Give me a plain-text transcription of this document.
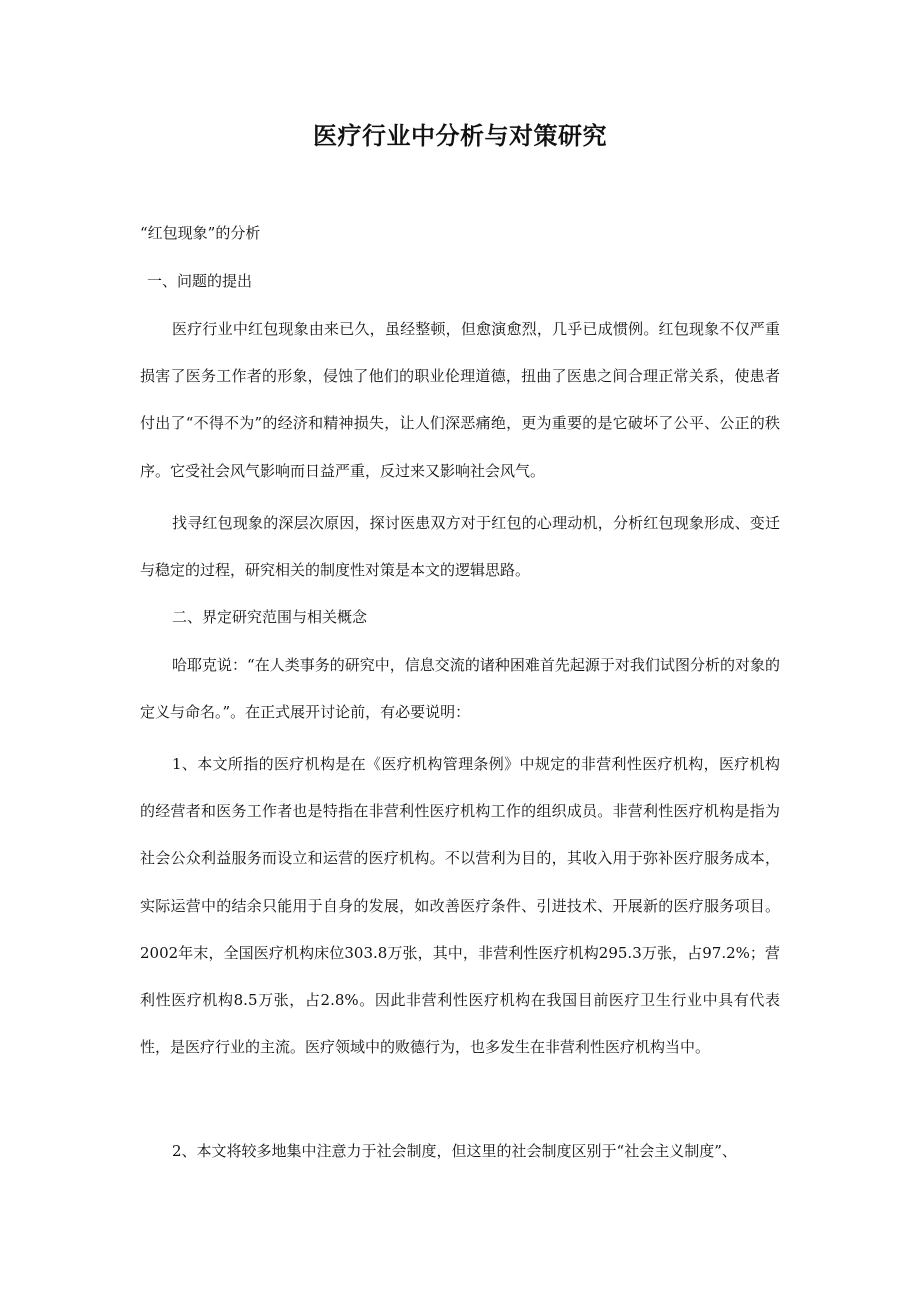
医疗行业中分析与对策研究
“红包现象”的分析
一、问题的提出

医疗行业中红包现象由来已久，虽经整顿，但愈演愈烈，几乎已成惯例。红包现象不仅严重损害了医务工作者的形象，侵蚀了他们的职业伦理道德，扭曲了医患之间合理正常关系，使患者付出了“不得不为”的经济和精神损失，让人们深恶痛绝，更为重要的是它破坏了公平、公正的秩序。它受社会风气影响而日益严重，反过来又影响社会风气。

找寻红包现象的深层次原因，探讨医患双方对于红包的心理动机，分析红包现象形成、变迁与稳定的过程，研究相关的制度性对策是本文的逻辑思路。

二、界定研究范围与相关概念

哈耶克说：“在人类事务的研究中，信息交流的诸种困难首先起源于对我们试图分析的对象的定义与命名。”。在正式展开讨论前，有必要说明：

1、本文所指的医疗机构是在《医疗机构管理条例》中规定的非营利性医疗机构，医疗机构的经营者和医务工作者也是特指在非营利性医疗机构工作的组织成员。非营利性医疗机构是指为社会公众利益服务而设立和运营的医疗机构。不以营利为目的，其收入用于弥补医疗服务成本，实际运营中的结余只能用于自身的发展，如改善医疗条件、引进技术、开展新的医疗服务项目。2002年末，全国医疗机构床位303.8万张，其中，非营利性医疗机构295.3万张，占97.2%；营利性医疗机构8.5万张，占2.8%。因此非营利性医疗机构在我国目前医疗卫生行业中具有代表性，是医疗行业的主流。医疗领域中的败德行为，也多发生在非营利性医疗机构当中。

2、本文将较多地集中注意力于社会制度，但这里的社会制度区别于“社会主义制度”、
